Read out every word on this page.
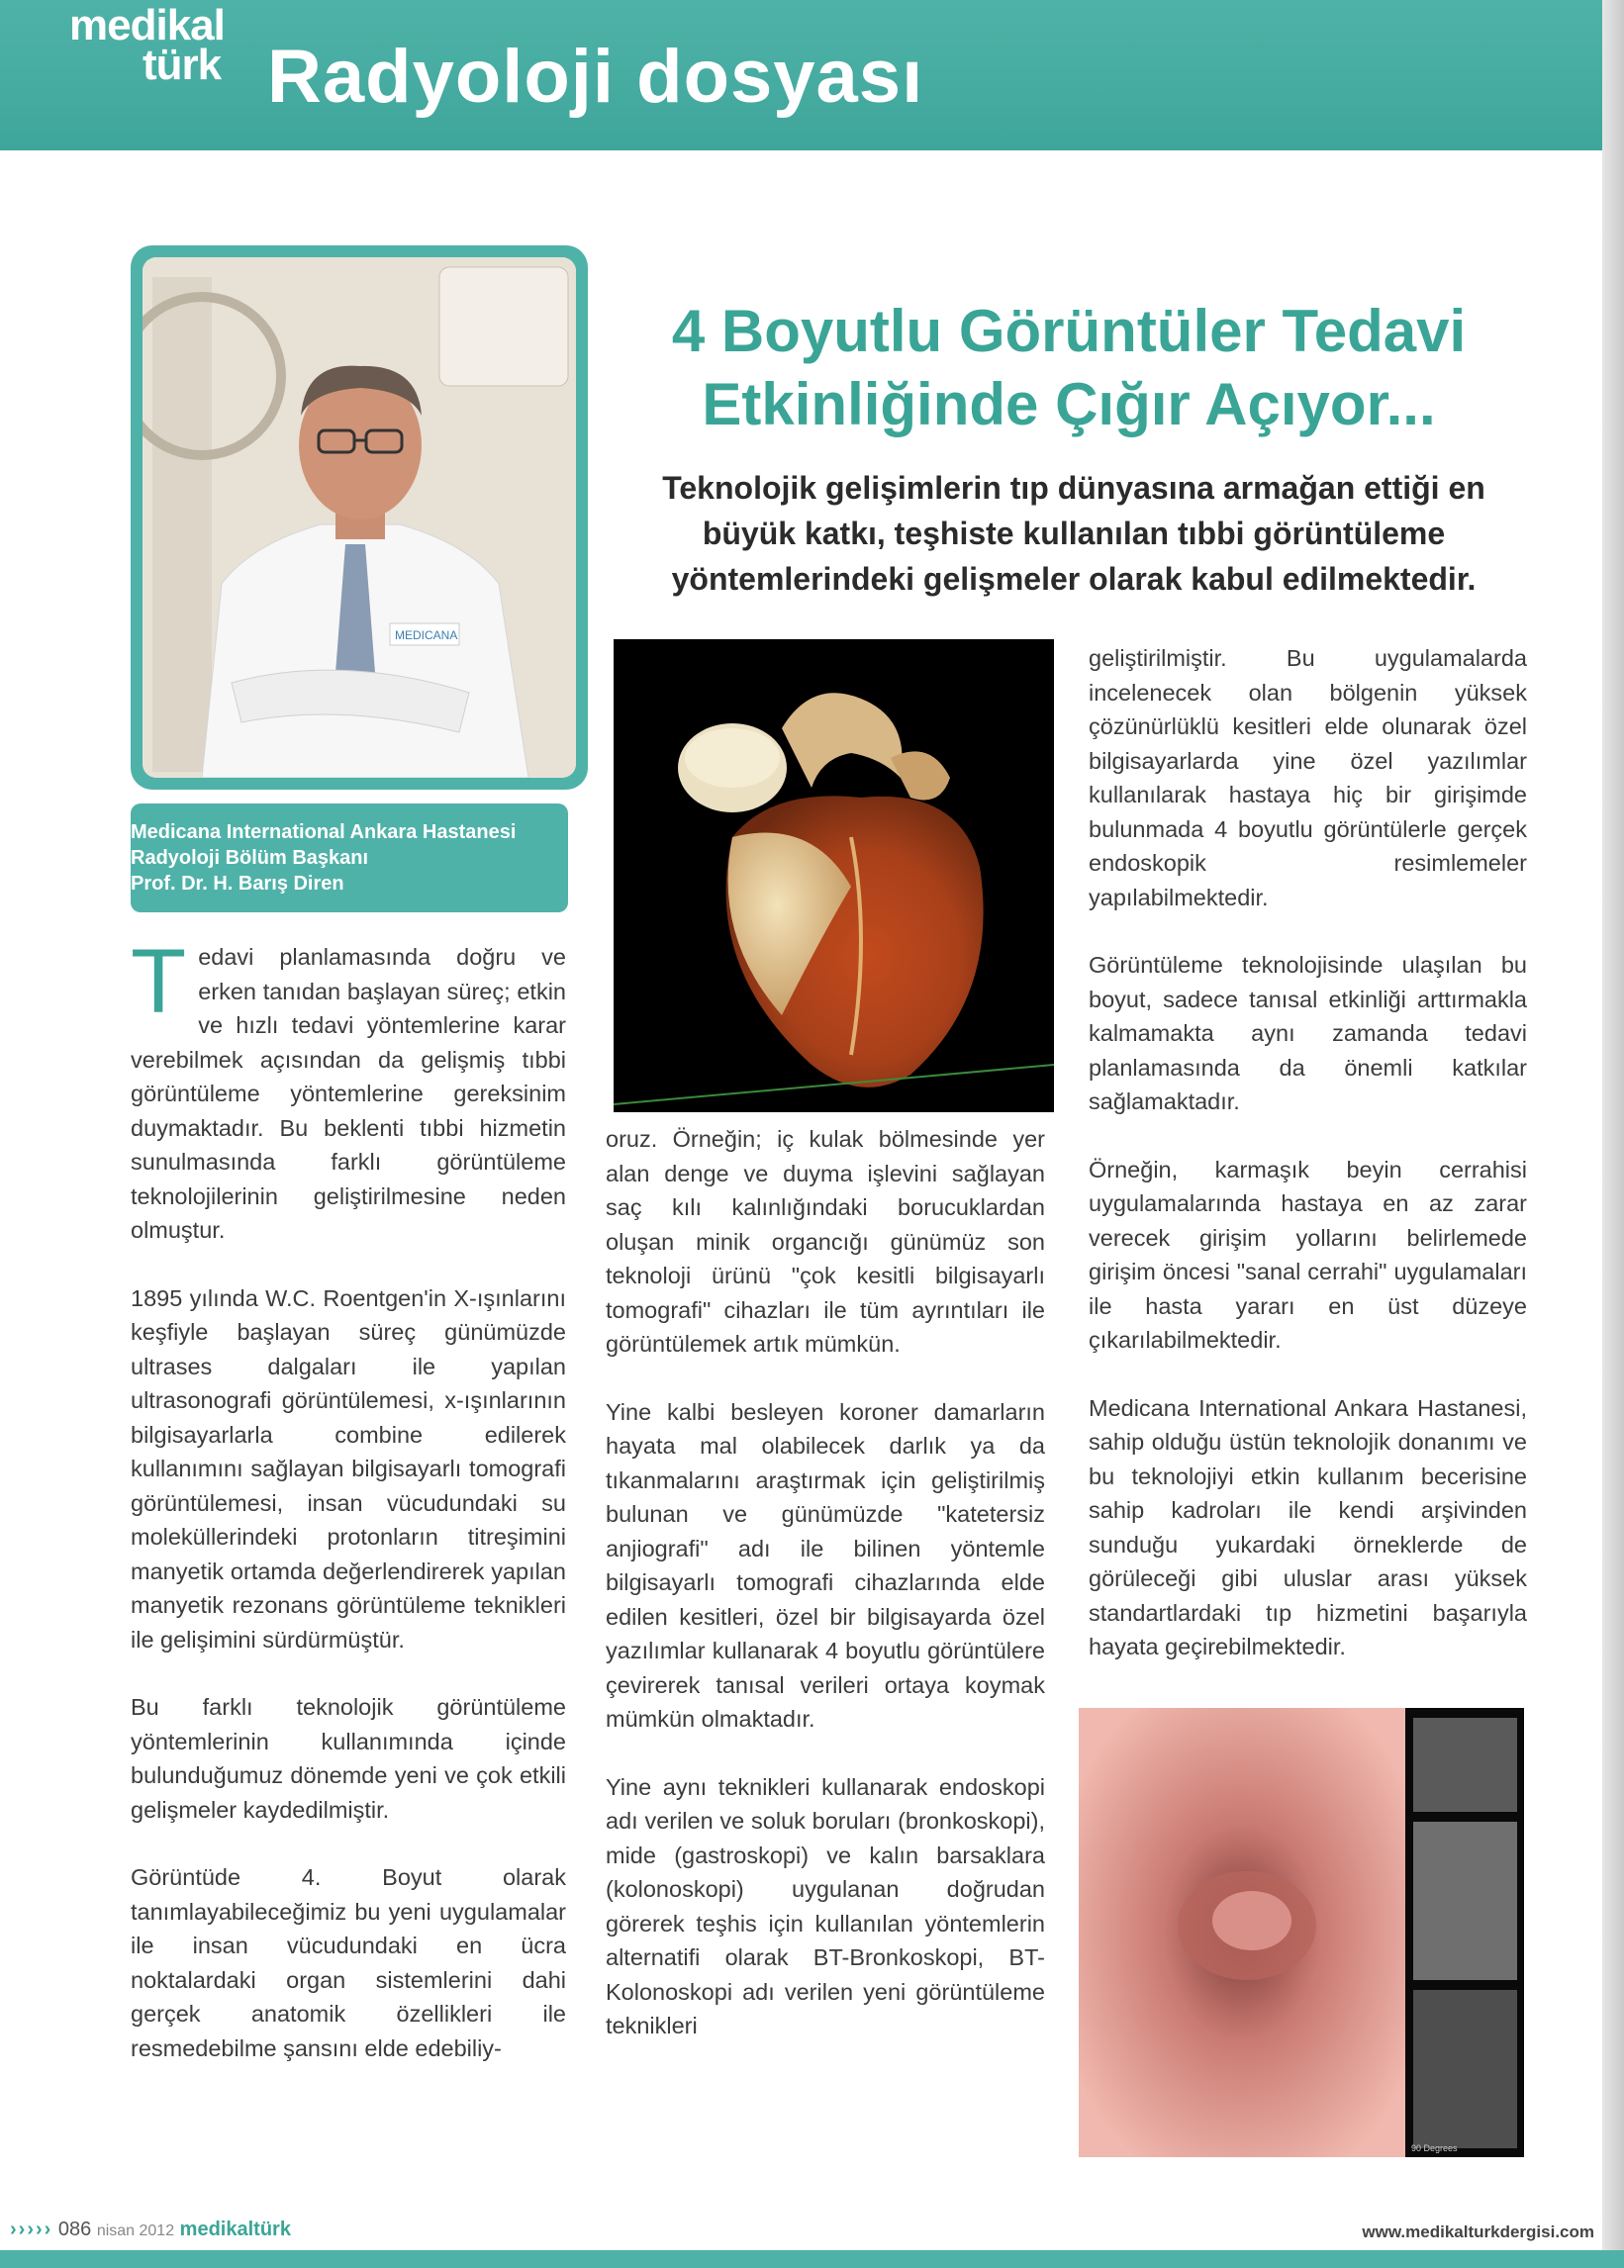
medikal
türk Radyoloji dosyası
MEDICANA
Medicana International Ankara Hastanesi
Radyoloji Bölüm Başkanı
Prof. Dr. H. Barış Diren
4 Boyutlu Görüntüler Tedavi
Etkinliğinde Çığır Açıyor...
Teknolojik gelişimlerin tıp dünyasına armağan ettiği en
büyük katkı, teşhiste kullanılan tıbbi görüntüleme
yöntemlerindeki gelişmeler olarak kabul edilmektedir.

Tedavi planlamasında doğru ve erken tanıdan başlayan süreç; etkin ve hızlı tedavi yöntemlerine karar verebilmek açısından da gelişmiş tıbbi görüntüleme yöntemlerine gereksinim duymaktadır. Bu beklenti tıbbi hizmetin sunulmasında farklı görüntüleme teknolojilerinin geliştirilmesine neden olmuştur.

1895 yılında W.C. Roentgen'in X-ışınlarını keşfiyle başlayan süreç günümüzde ultrases dalgaları ile yapılan ultrasonografi görüntülemesi, x-ışınlarının bilgisayarlarla combine edilerek kullanımını sağlayan bilgisayarlı tomografi görüntülemesi, insan vücudundaki su moleküllerindeki protonların titreşimini manyetik ortamda değerlendirerek yapılan manyetik rezonans görüntüleme teknikleri ile gelişimini sürdürmüştür.

Bu farklı teknolojik görüntüleme yöntemlerinin kullanımında içinde bulunduğumuz dönemde yeni ve çok etkili gelişmeler kaydedilmiştir.

Görüntüde 4. Boyut olarak tanımlayabileceğimiz bu yeni uygulamalar ile insan vücudundaki en ücra noktalardaki organ sistemlerini dahi gerçek anatomik özellikleri ile resmedebilme şansını elde edebiliy-

oruz. Örneğin; iç kulak bölmesinde yer alan denge ve duyma işlevini sağlayan saç kılı kalınlığındaki borucuklardan oluşan minik organcığı günümüz son teknoloji ürünü "çok kesitli bilgisayarlı tomografi" cihazları ile tüm ayrıntıları ile görüntülemek artık mümkün.

Yine kalbi besleyen koroner damarların hayata mal olabilecek darlık ya da tıkanmalarını araştırmak için geliştirilmiş bulunan ve günümüzde "katetersiz anjiografi" adı ile bilinen yöntemle bilgisayarlı tomografi cihazlarında elde edilen kesitleri, özel bir bilgisayarda özel yazılımlar kullanarak 4 boyutlu görüntülere çevirerek tanısal verileri ortaya koymak mümkün olmaktadır.

Yine aynı teknikleri kullanarak endoskopi adı verilen ve soluk boruları (bronkoskopi), mide (gastroskopi) ve kalın barsaklara (kolonoskopi) uygulanan doğrudan görerek teşhis için kullanılan yöntemlerin alternatifi olarak BT-Bronkoskopi, BT-Kolonoskopi adı verilen yeni görüntüleme teknikleri

geliştirilmiştir. Bu uygulamalarda incelenecek olan bölgenin yüksek çözünürlüklü kesitleri elde olunarak özel bilgisayarlarda yine özel yazılımlar kullanılarak hastaya hiç bir girişimde bulunmada 4 boyutlu görüntülerle gerçek endoskopik resimlemeler yapılabilmektedir.

Görüntüleme teknolojisinde ulaşılan bu boyut, sadece tanısal etkinliği arttırmakla kalmamakta aynı zamanda tedavi planlamasında da önemli katkılar sağlamaktadır.

Örneğin, karmaşık beyin cerrahisi uygulamalarında hastaya en az zarar verecek girişim yollarını belirlemede girişim öncesi "sanal cerrahi" uygulamaları ile hasta yararı en üst düzeye çıkarılabilmektedir.

Medicana International Ankara Hastanesi, sahip olduğu üstün teknolojik donanımı ve bu teknolojiyi etkin kullanım becerisine sahip kadroları ile kendi arşivinden sunduğu yukardaki örneklerde de görüleceği gibi uluslar arası yüksek standartlardaki tıp hizmetini başarıyla hayata geçirebilmektedir.

90 Degrees
››››› 086 nisan 2012 medikaltürk	www.medikalturkdergisi.com
